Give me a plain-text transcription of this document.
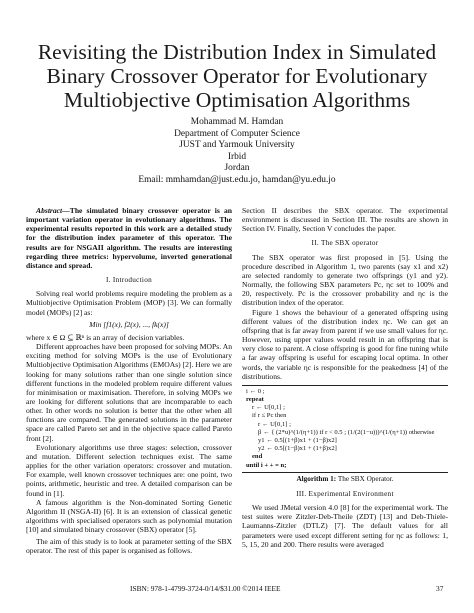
Revisiting the Distribution Index in Simulated
Binary Crossover Operator for Evolutionary
Multiobjective Optimisation Algorithms
Mohammad M. Hamdan
Department of Computer Science
JUST and Yarmouk University
Irbid
Jordan
Email: mmhamdan@just.edu.jo, hamdan@yu.edu.jo

Abstract—The simulated binary crossover operator is an important variation operator in evolutionary algorithms. The experimental results reported in this work are a detailed study for the distribution index parameter of this operator. The results are for NSGAII algorithm. The results are interesting regarding three metrics: hypervolume, inverted generational distance and spread.

I. Introduction

Solving real world problems require modeling the problem as a Multiobjective Optimisation Problem (MOP) [3]. We can formally model (MOPs) [2] as:

Min [f1(x), f2(x), ..., fk(x)]

where x ∈ Ω ⊆ ℝⁿ is an array of decision variables.

Different approaches have been proposed for solving MOPs. An exciting method for solving MOPs is the use of Evolutionary Multiobjective Optimisation Algorithms (EMOAs) [2]. Here we are looking for many solutions rather than one single solution since different functions in the modeled problem require different values for minimisation or maximisation. Therefore, in solving MOPs we are looking for different solutions that are incomparable to each other. In other words no solution is better that the other when all functions are compared. The generated solutions in the parameter space are called Pareto set and in the objective space called Pareto front [2].

Evolutionary algorithms use three stages: selection, crossover and mutation. Different selection techniques exist. The same applies for the other variation operators: crossover and mutation. For example, well known crossover techniques are: one point, two points, arithmetic, heuristic and tree. A detailed comparison can be found in [1].

A famous algorithm is the Non-dominated Sorting Genetic Algorithm II (NSGA-II) [6]. It is an extension of classical genetic algorithms with specialised operators such as polynomial mutation [10] and simulated binary crossover (SBX) operator [5].

The aim of this study is to look at parameter setting of the SBX operator. The rest of this paper is organised as follows.

Section II describes the SBX operator. The experimental environment is discussed in Section III. The results are shown in Section IV. Finally, Section V concludes the paper.

II. The SBX operator

The SBX operator was first proposed in [5]. Using the procedure described in Algorithm 1, two parents (say x1 and x2) are selected randomly to generate two offsprings (y1 and y2). Normally, the following SBX parameters Pc, ηc set to 100% and 20, respectively. Pc is the crossover probability and ηc is the distribution index of the operator.

Figure 1 shows the behaviour of a generated offspring using different values of the distribution index ηc. We can get an offspring that is far away from parent if we use small values for ηc. However, using upper values would result in an offspring that is very close to parent. A close offspring is good for fine tuning while a far away offspring is useful for escaping local optima. In other words, the variable ηc is responsible for the peakedness [4] of the distributions.

i ← 0 ;
repeat
r ← U[0,1] ;
if r ≤ Pc then
r ← U[0,1] ;
β ← { (2*u)^(1/(η+1)) if r < 0.5 ; (1/(2(1−u)))^(1/(η+1)) otherwise
y1 ← 0.5[(1+β)x1 + (1−β)x2]
y2 ← 0.5[(1−β)x1 + (1+β)x2]
end
until i + + = n;
Algorithm 1: The SBX Operator.
III. Experimental Environment

We used JMetal version 4.0 [8] for the experimental work. The test suites were Zitzler-Deb-Theile (ZDT) [13] and Deb-Thiele-Laumanns-Zitzler (DTLZ) [7]. The default values for all parameters were used except different setting for ηc as follows: 1, 5, 15, 20 and 200. There results were averaged

ISBN: 978-1-4799-3724-0/14/$31.00 ©2014 IEEE	37
